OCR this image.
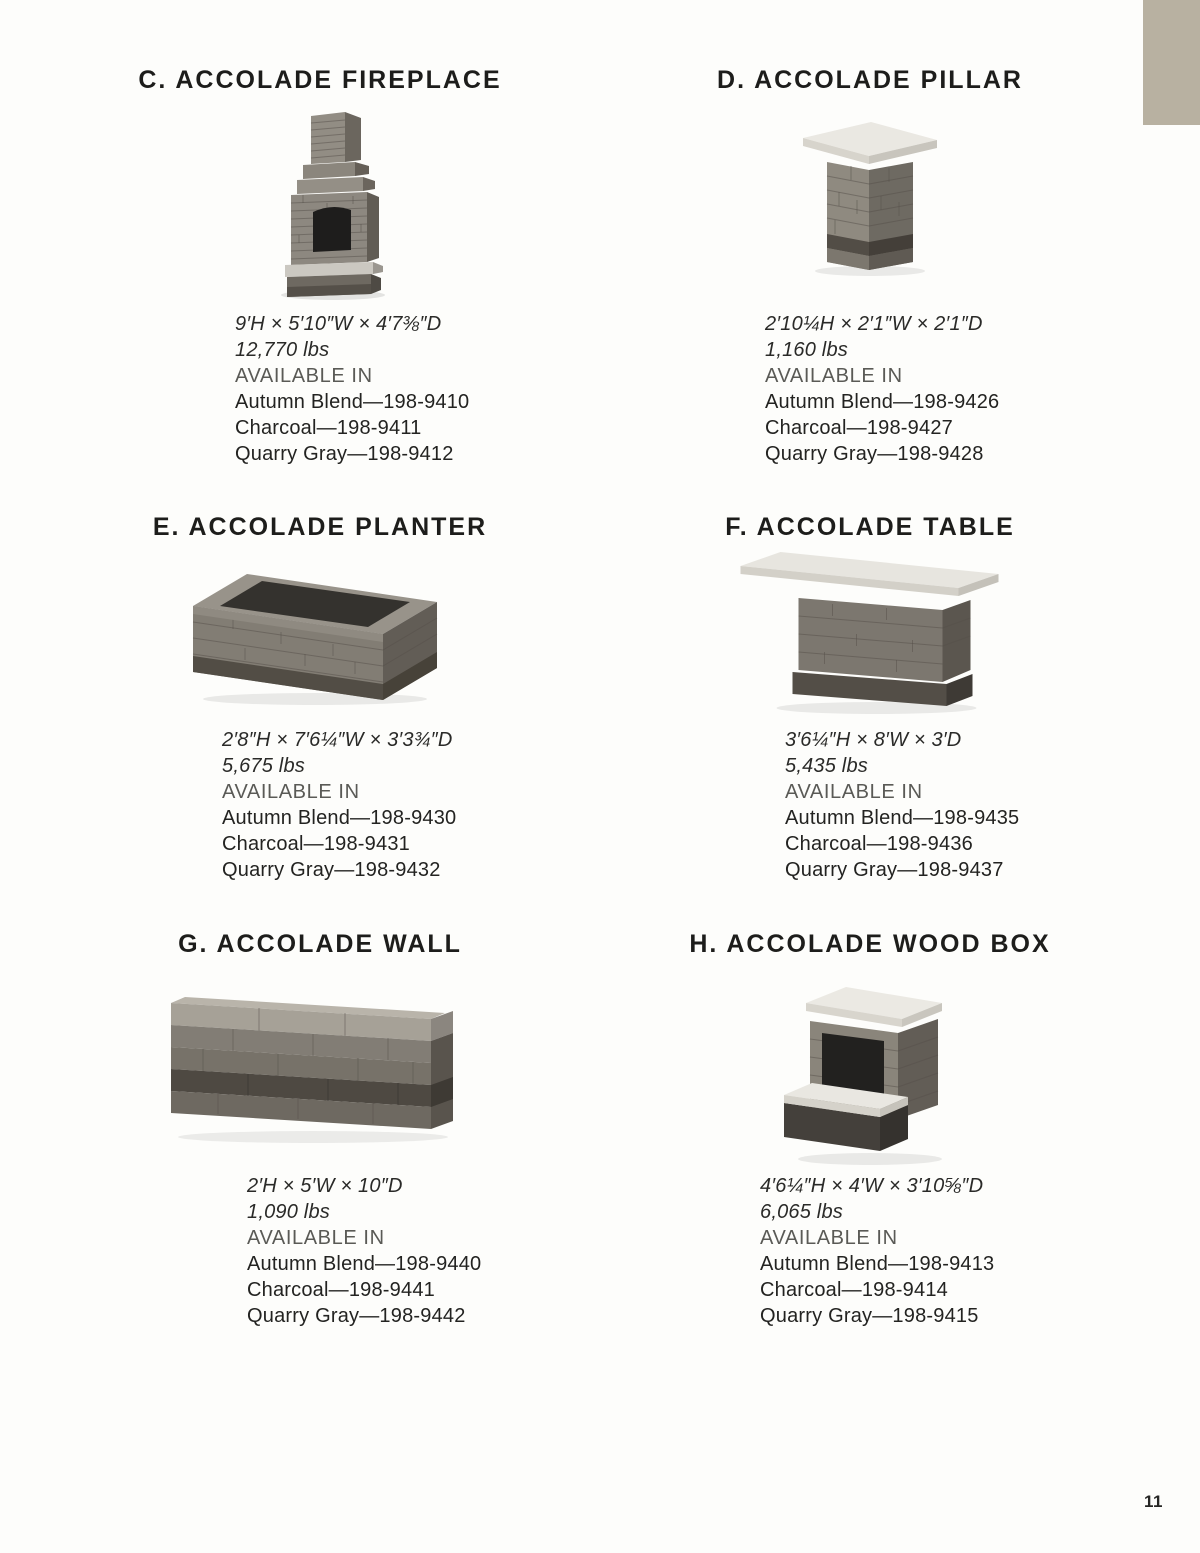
C. ACCOLADE FIREPLACE
9′H × 5′10″W × 4′7⅜″D
12,770 lbs
AVAILABLE IN
Autumn Blend—198-9410
Charcoal—198-9411
Quarry Gray—198-9412
D. ACCOLADE PILLAR
2′10¼H × 2′1″W × 2′1″D
1,160 lbs
AVAILABLE IN
Autumn Blend—198-9426
Charcoal—198-9427
Quarry Gray—198-9428
E. ACCOLADE PLANTER
2′8″H × 7′6¼″W × 3′3¾″D
5,675 lbs
AVAILABLE IN
Autumn Blend—198-9430
Charcoal—198-9431
Quarry Gray—198-9432
F. ACCOLADE TABLE
3′6¼″H × 8′W × 3′D
5,435 lbs
AVAILABLE IN
Autumn Blend—198-9435
Charcoal—198-9436
Quarry Gray—198-9437
G. ACCOLADE WALL
2′H × 5′W × 10″D
1,090 lbs
AVAILABLE IN
Autumn Blend—198-9440
Charcoal—198-9441
Quarry Gray—198-9442
H. ACCOLADE WOOD BOX
4′6¼″H × 4′W × 3′10⅝″D
6,065 lbs
AVAILABLE IN
Autumn Blend—198-9413
Charcoal—198-9414
Quarry Gray—198-9415
11
